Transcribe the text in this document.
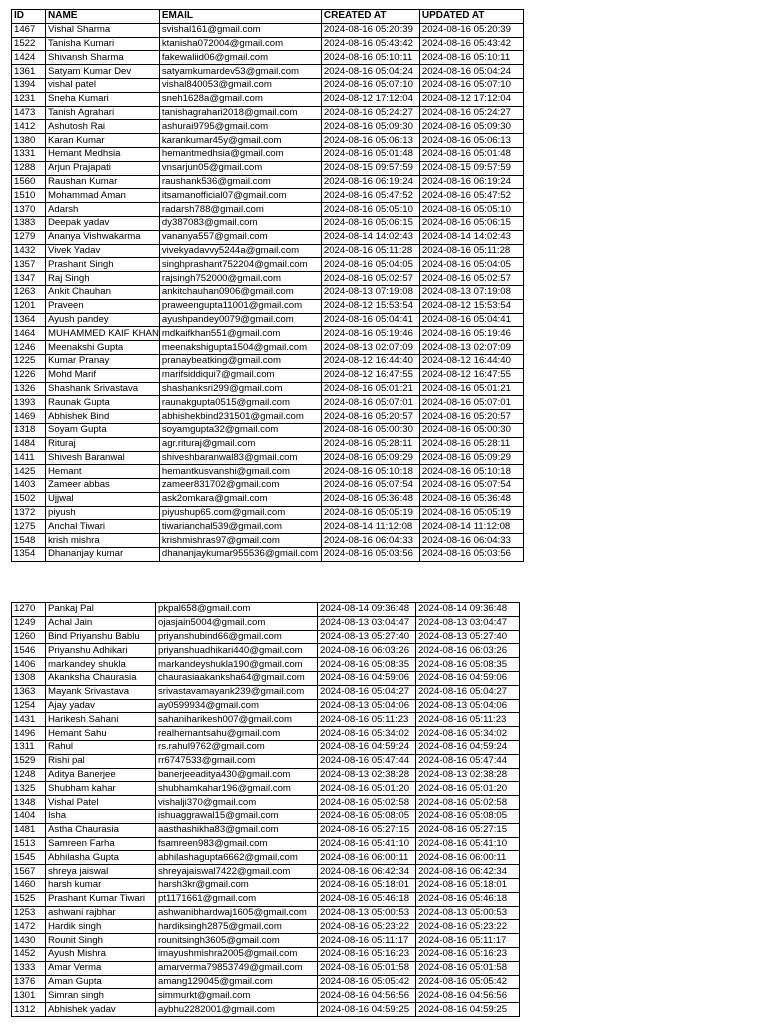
ID	NAME	EMAIL	CREATED AT	UPDATED AT
1467	Vishal Sharma	svishal161@gmail.com	2024-08-16 05:20:39	2024-08-16 05:20:39
1522	Tanisha Kumari	ktanisha072004@gmail.com	2024-08-16 05:43:42	2024-08-16 05:43:42
1424	Shivansh Sharma	fakewaliid06@gmail.com	2024-08-16 05:10:11	2024-08-16 05:10:11
1361	Satyam Kumar Dev	satyamkumardev53@gmail.com	2024-08-16 05:04:24	2024-08-16 05:04:24
1394	vishal patel	vishal840053@gmail.com	2024-08-16 05:07:10	2024-08-16 05:07:10
1231	Sneha Kumari	sneh1628a@gmail.com	2024-08-12 17:12:04	2024-08-12 17:12:04
1473	Tanish Agrahari	tanishagrahari2018@gmail.com	2024-08-16 05:24:27	2024-08-16 05:24:27
1412	Ashutosh Rai	ashurai9795@gmail.com	2024-08-16 05:09:30	2024-08-16 05:09:30
1380	Karan Kumar	karankumar45y@gmail.com	2024-08-16 05:06:13	2024-08-16 05:06:13
1331	Hemant Medhsia	hemantmedhsia@gmail.com	2024-08-16 05:01:48	2024-08-16 05:01:48
1288	Arjun Prajapati	vnsarjun05@gmail.com	2024-08-15 09:57:59	2024-08-15 09:57:59
1560	Raushan Kumar	raushank536@gmail.com	2024-08-16 06:19:24	2024-08-16 06:19:24
1510	Mohammad Aman	itsamanofficial07@gmail.com	2024-08-16 05:47:52	2024-08-16 05:47:52
1370	Adarsh	radarsh788@gmail.com	2024-08-16 05:05:10	2024-08-16 05:05:10
1383	Deepak yadav	dy387083@gmail.com	2024-08-16 05:06:15	2024-08-16 05:06:15
1279	Ananya Vishwakarma	vananya557@gmail.com	2024-08-14 14:02:43	2024-08-14 14:02:43
1432	Vivek Yadav	vivekyadavvy5244a@gmail.com	2024-08-16 05:11:28	2024-08-16 05:11:28
1357	Prashant Singh	singhprashant752204@gmail.com	2024-08-16 05:04:05	2024-08-16 05:04:05
1347	Raj Singh	rajsingh752000@gmail.com	2024-08-16 05:02:57	2024-08-16 05:02:57
1263	Ankit Chauhan	ankitchauhan0906@gmail.com	2024-08-13 07:19:08	2024-08-13 07:19:08
1201	Praveen	praweengupta11001@gmail.com	2024-08-12 15:53:54	2024-08-12 15:53:54
1364	Ayush pandey	ayushpandey0079@gmail.com	2024-08-16 05:04:41	2024-08-16 05:04:41
1464	MUHAMMED KAIF KHAN	mdkaifkhan551@gmail.com	2024-08-16 05:19:46	2024-08-16 05:19:46
1246	Meenakshi Gupta	meenakshigupta1504@gmail.com	2024-08-13 02:07:09	2024-08-13 02:07:09
1225	Kumar Pranay	pranaybeatking@gmail.com	2024-08-12 16:44:40	2024-08-12 16:44:40
1226	Mohd Marif	marifsiddiqui7@gmail.com	2024-08-12 16:47:55	2024-08-12 16:47:55
1326	Shashank Srivastava	shashanksri299@gmail.com	2024-08-16 05:01:21	2024-08-16 05:01:21
1393	Raunak Gupta	raunakgupta0515@gmail.com	2024-08-16 05:07:01	2024-08-16 05:07:01
1469	Abhishek Bind	abhishekbind231501@gmail.com	2024-08-16 05:20:57	2024-08-16 05:20:57
1318	Soyam Gupta	soyamgupta32@gmail.com	2024-08-16 05:00:30	2024-08-16 05:00:30
1484	Rituraj	agr.rituraj@gmail.com	2024-08-16 05:28:11	2024-08-16 05:28:11
1411	Shivesh Baranwal	shiveshbaranwal83@gmail.com	2024-08-16 05:09:29	2024-08-16 05:09:29
1425	Hemant	hemantkusvanshi@gmail.com	2024-08-16 05:10:18	2024-08-16 05:10:18
1403	Zameer abbas	zameer831702@gmail.com	2024-08-16 05:07:54	2024-08-16 05:07:54
1502	Ujjwal	ask2omkara@gmail.com	2024-08-16 05:36:48	2024-08-16 05:36:48
1372	piyush	piyushup65.com@gmail.com	2024-08-16 05:05:19	2024-08-16 05:05:19
1275	Anchal Tiwari	tiwarianchal539@gmail.com	2024-08-14 11:12:08	2024-08-14 11:12:08
1548	krish mishra	krishmishras97@gmail.com	2024-08-16 06:04:33	2024-08-16 06:04:33
1354	Dhananjay kumar	dhananjaykumar955536@gmail.com	2024-08-16 05:03:56	2024-08-16 05:03:56
1270	Pankaj Pal	pkpal658@gmail.com	2024-08-14 09:36:48	2024-08-14 09:36:48
1249	Achal Jain	ojasjain5004@gmail.com	2024-08-13 03:04:47	2024-08-13 03:04:47
1260	Bind Priyanshu Bablu	priyanshubind66@gmail.com	2024-08-13 05:27:40	2024-08-13 05:27:40
1546	Priyanshu Adhikari	priyanshuadhikari440@gmail.com	2024-08-16 06:03:26	2024-08-16 06:03:26
1406	markandey shukla	markandeyshukla190@gmail.com	2024-08-16 05:08:35	2024-08-16 05:08:35
1308	Akanksha Chaurasia	chaurasiaakanksha64@gmail.com	2024-08-16 04:59:06	2024-08-16 04:59:06
1363	Mayank Srivastava	srivastavamayank239@gmail.com	2024-08-16 05:04:27	2024-08-16 05:04:27
1254	Ajay yadav	ay0599934@gmail.com	2024-08-13 05:04:06	2024-08-13 05:04:06
1431	Harikesh Sahani	sahaniharikesh007@gmail.com	2024-08-16 05:11:23	2024-08-16 05:11:23
1496	Hemant Sahu	realhemantsahu@gmail.com	2024-08-16 05:34:02	2024-08-16 05:34:02
1311	Rahul	rs.rahul9762@gmail.com	2024-08-16 04:59:24	2024-08-16 04:59:24
1529	Rishi pal	rr6747533@gmail.com	2024-08-16 05:47:44	2024-08-16 05:47:44
1248	Aditya Banerjee	banerjeeaditya430@gmail.com	2024-08-13 02:38:28	2024-08-13 02:38:28
1325	Shubham kahar	shubhamkahar196@gmail.com	2024-08-16 05:01:20	2024-08-16 05:01:20
1348	Vishal Patel	vishalji370@gmail.com	2024-08-16 05:02:58	2024-08-16 05:02:58
1404	Isha	ishuaggrawal15@gmail.com	2024-08-16 05:08:05	2024-08-16 05:08:05
1481	Astha Chaurasia	aasthashikha83@gmail.com	2024-08-16 05:27:15	2024-08-16 05:27:15
1513	Samreen Farha	fsamreen983@gmail.com	2024-08-16 05:41:10	2024-08-16 05:41:10
1545	Abhilasha Gupta	abhilashagupta6662@gmail.com	2024-08-16 06:00:11	2024-08-16 06:00:11
1567	shreya jaiswal	shreyajaiswal7422@gmail.com	2024-08-16 06:42:34	2024-08-16 06:42:34
1460	harsh kumar	harsh3kr@gmail.com	2024-08-16 05:18:01	2024-08-16 05:18:01
1525	Prashant Kumar Tiwari	pt1171661@gmail.com	2024-08-16 05:46:18	2024-08-16 05:46:18
1253	ashwani rajbhar	ashwanibhardwaj1605@gmail.com	2024-08-13 05:00:53	2024-08-13 05:00:53
1472	Hardik singh	hardiksingh2875@gmail.com	2024-08-16 05:23:22	2024-08-16 05:23:22
1430	Rounit Singh	rounitsingh3605@gmail.com	2024-08-16 05:11:17	2024-08-16 05:11:17
1452	Ayush Mishra	imayushmishra2005@gmail.com	2024-08-16 05:16:23	2024-08-16 05:16:23
1333	Amar Verma	amarverma79853749@gmail.com	2024-08-16 05:01:58	2024-08-16 05:01:58
1376	Aman Gupta	amang129045@gmail.com	2024-08-16 05:05:42	2024-08-16 05:05:42
1301	Simran singh	simmurkt@gmail.com	2024-08-16 04:56:56	2024-08-16 04:56:56
1312	Abhishek yadav	aybhu2282001@gmail.com	2024-08-16 04:59:25	2024-08-16 04:59:25
